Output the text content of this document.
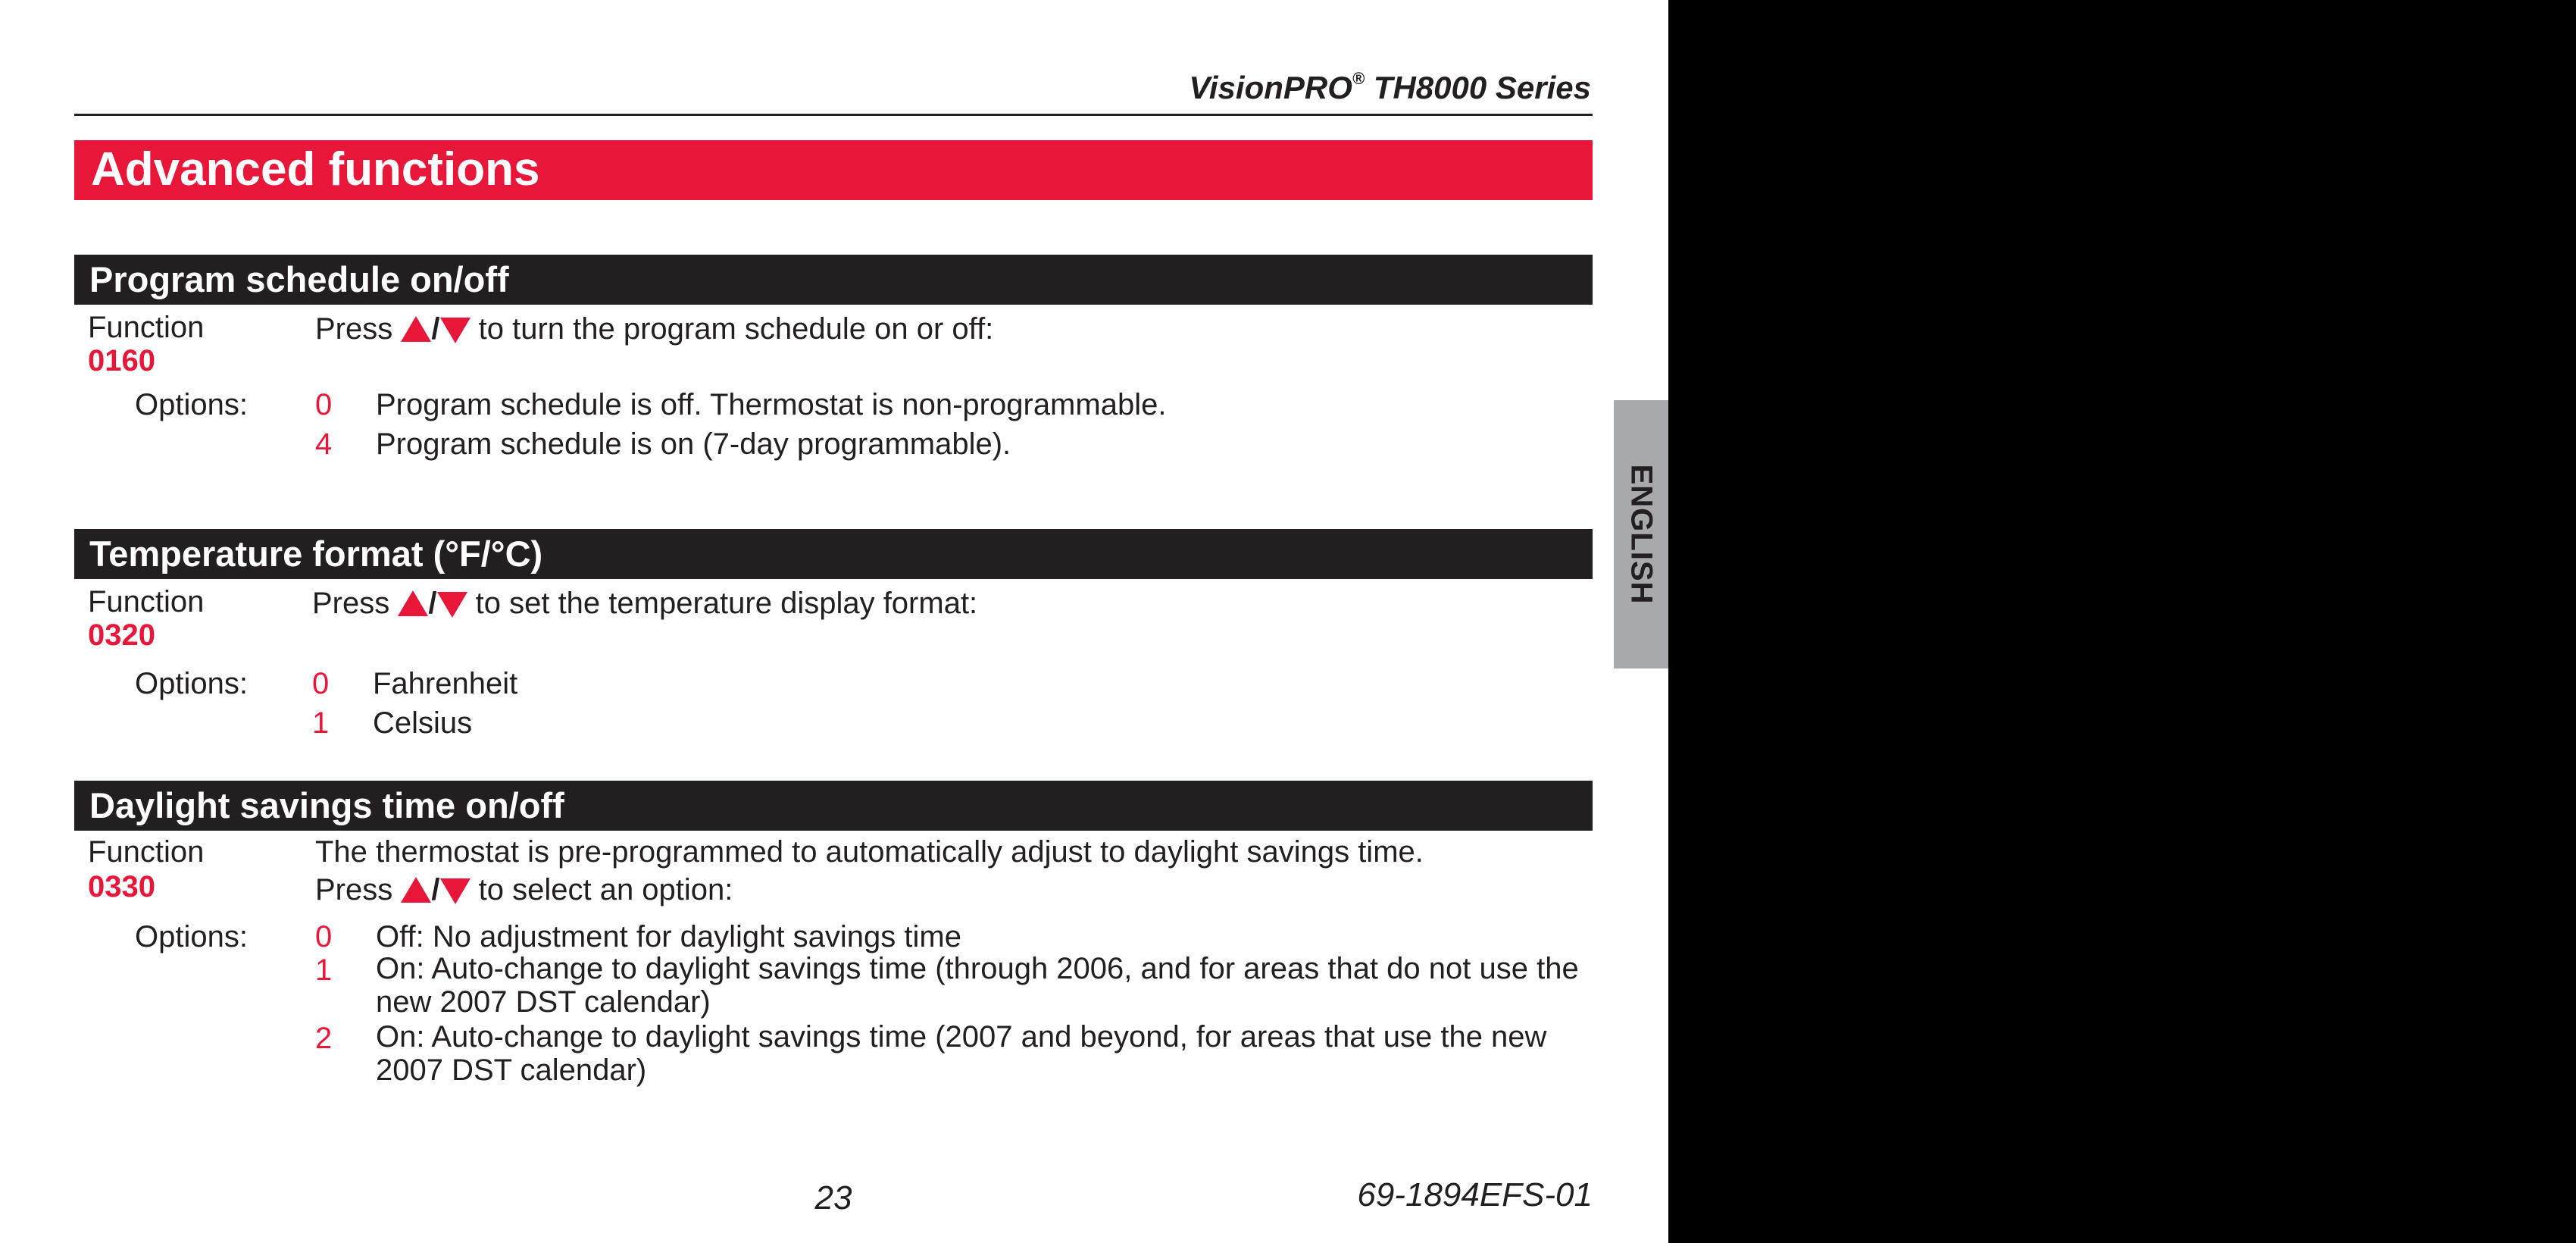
ENGLISH
VisionPRO® TH8000 Series
Advanced functions
Program schedule on/off
Function
0160
Press / to turn the program schedule on or off:
Options: 0 Program schedule is off. Thermostat is non-programmable.
4 Program schedule is on (7-day programmable).
Temperature format (°F/°C)
Function
0320
Press / to set the temperature display format:
Options: 0 Fahrenheit
1 Celsius
Daylight savings time on/off
Function
0330
The thermostat is pre-programmed to automatically adjust to daylight savings time.
Press / to select an option:
Options: 0 Off: No adjustment for daylight savings time
1 On: Auto-change to daylight savings time (through 2006, and for areas that do not use the new 2007 DST calendar)
2 On: Auto-change to daylight savings time (2007 and beyond, for areas that use the new 2007 DST calendar)
23	69-1894EFS-01
